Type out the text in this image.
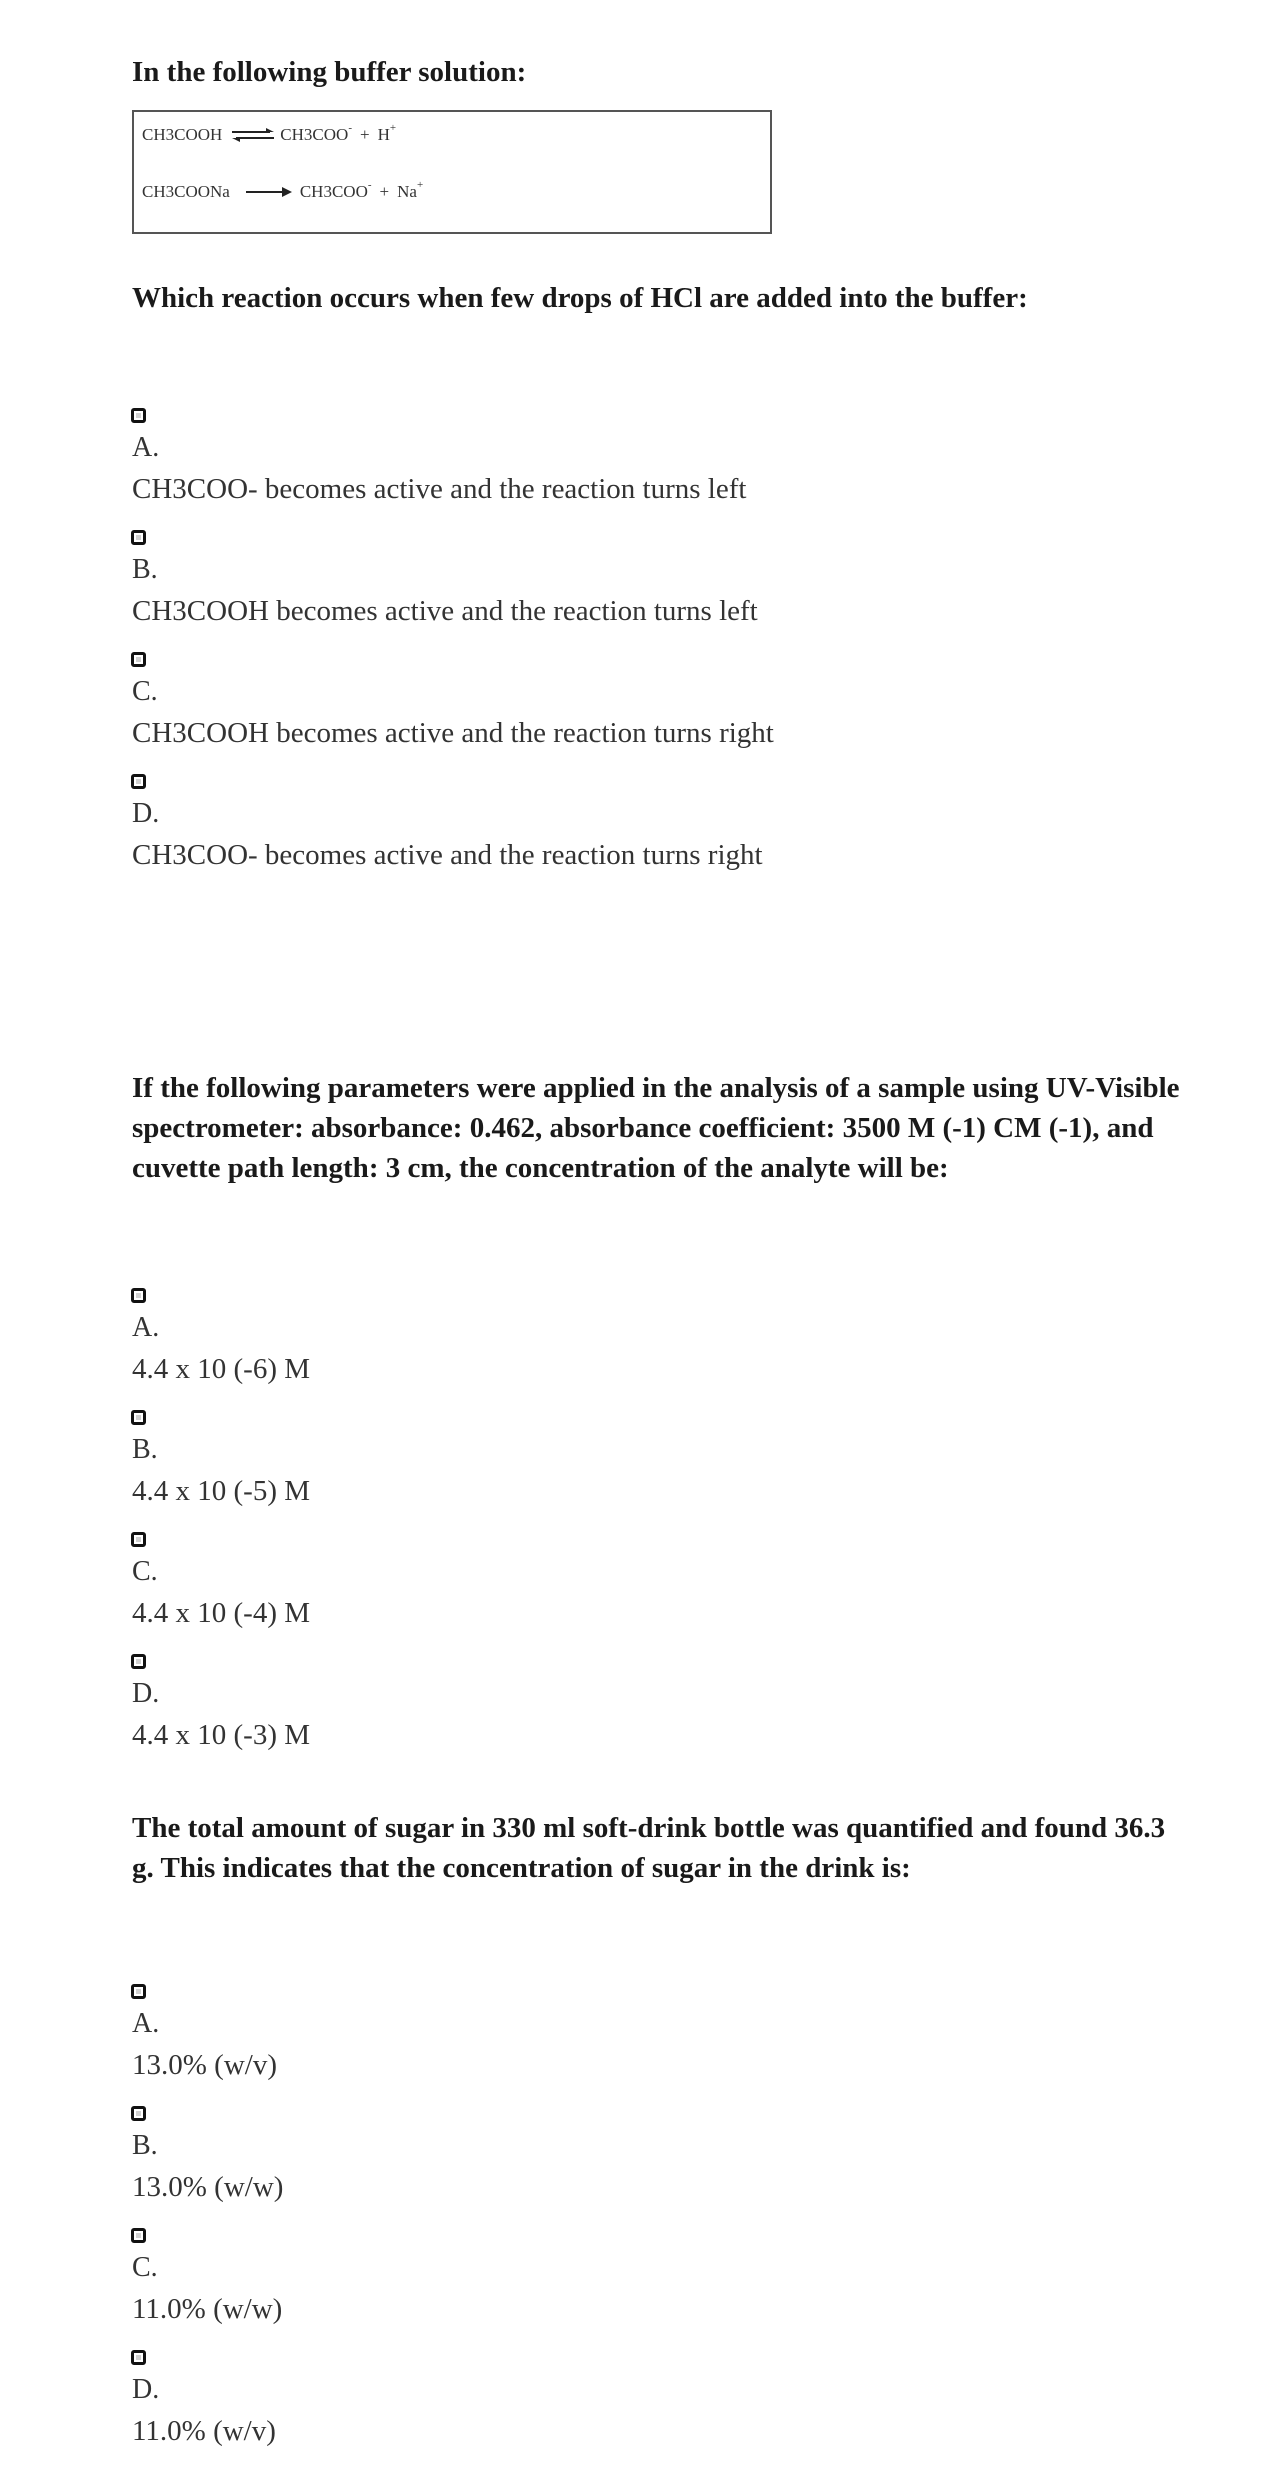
In the following buffer solution:
CH3COOH ⇌ CH3COO - + H +
CH3COONa	CH3COO - + Na +
Which reaction occurs when few drops of HCl are added into the buffer:
A.
CH3COO- becomes active and the reaction turns left
B.
CH3COOH becomes active and the reaction turns left
C.
CH3COOH becomes active and the reaction turns right
D.
CH3COO- becomes active and the reaction turns right
If the following parameters were applied in the analysis of a sample using UV-Visible spectrometer: absorbance: 0.462, absorbance coefficient: 3500 M (-1) CM (-1), and cuvette path length: 3 cm, the concentration of the analyte will be:
A.
4.4 x 10 (-6) M
B.
4.4 x 10 (-5) M
C.
4.4 x 10 (-4) M
D.
4.4 x 10 (-3) M
The total amount of sugar in 330 ml soft-drink bottle was quantified and found 36.3 g. This indicates that the concentration of sugar in the drink is:
A.
13.0% (w/v)
B.
13.0% (w/w)
C.
11.0% (w/w)
D.
11.0% (w/v)
